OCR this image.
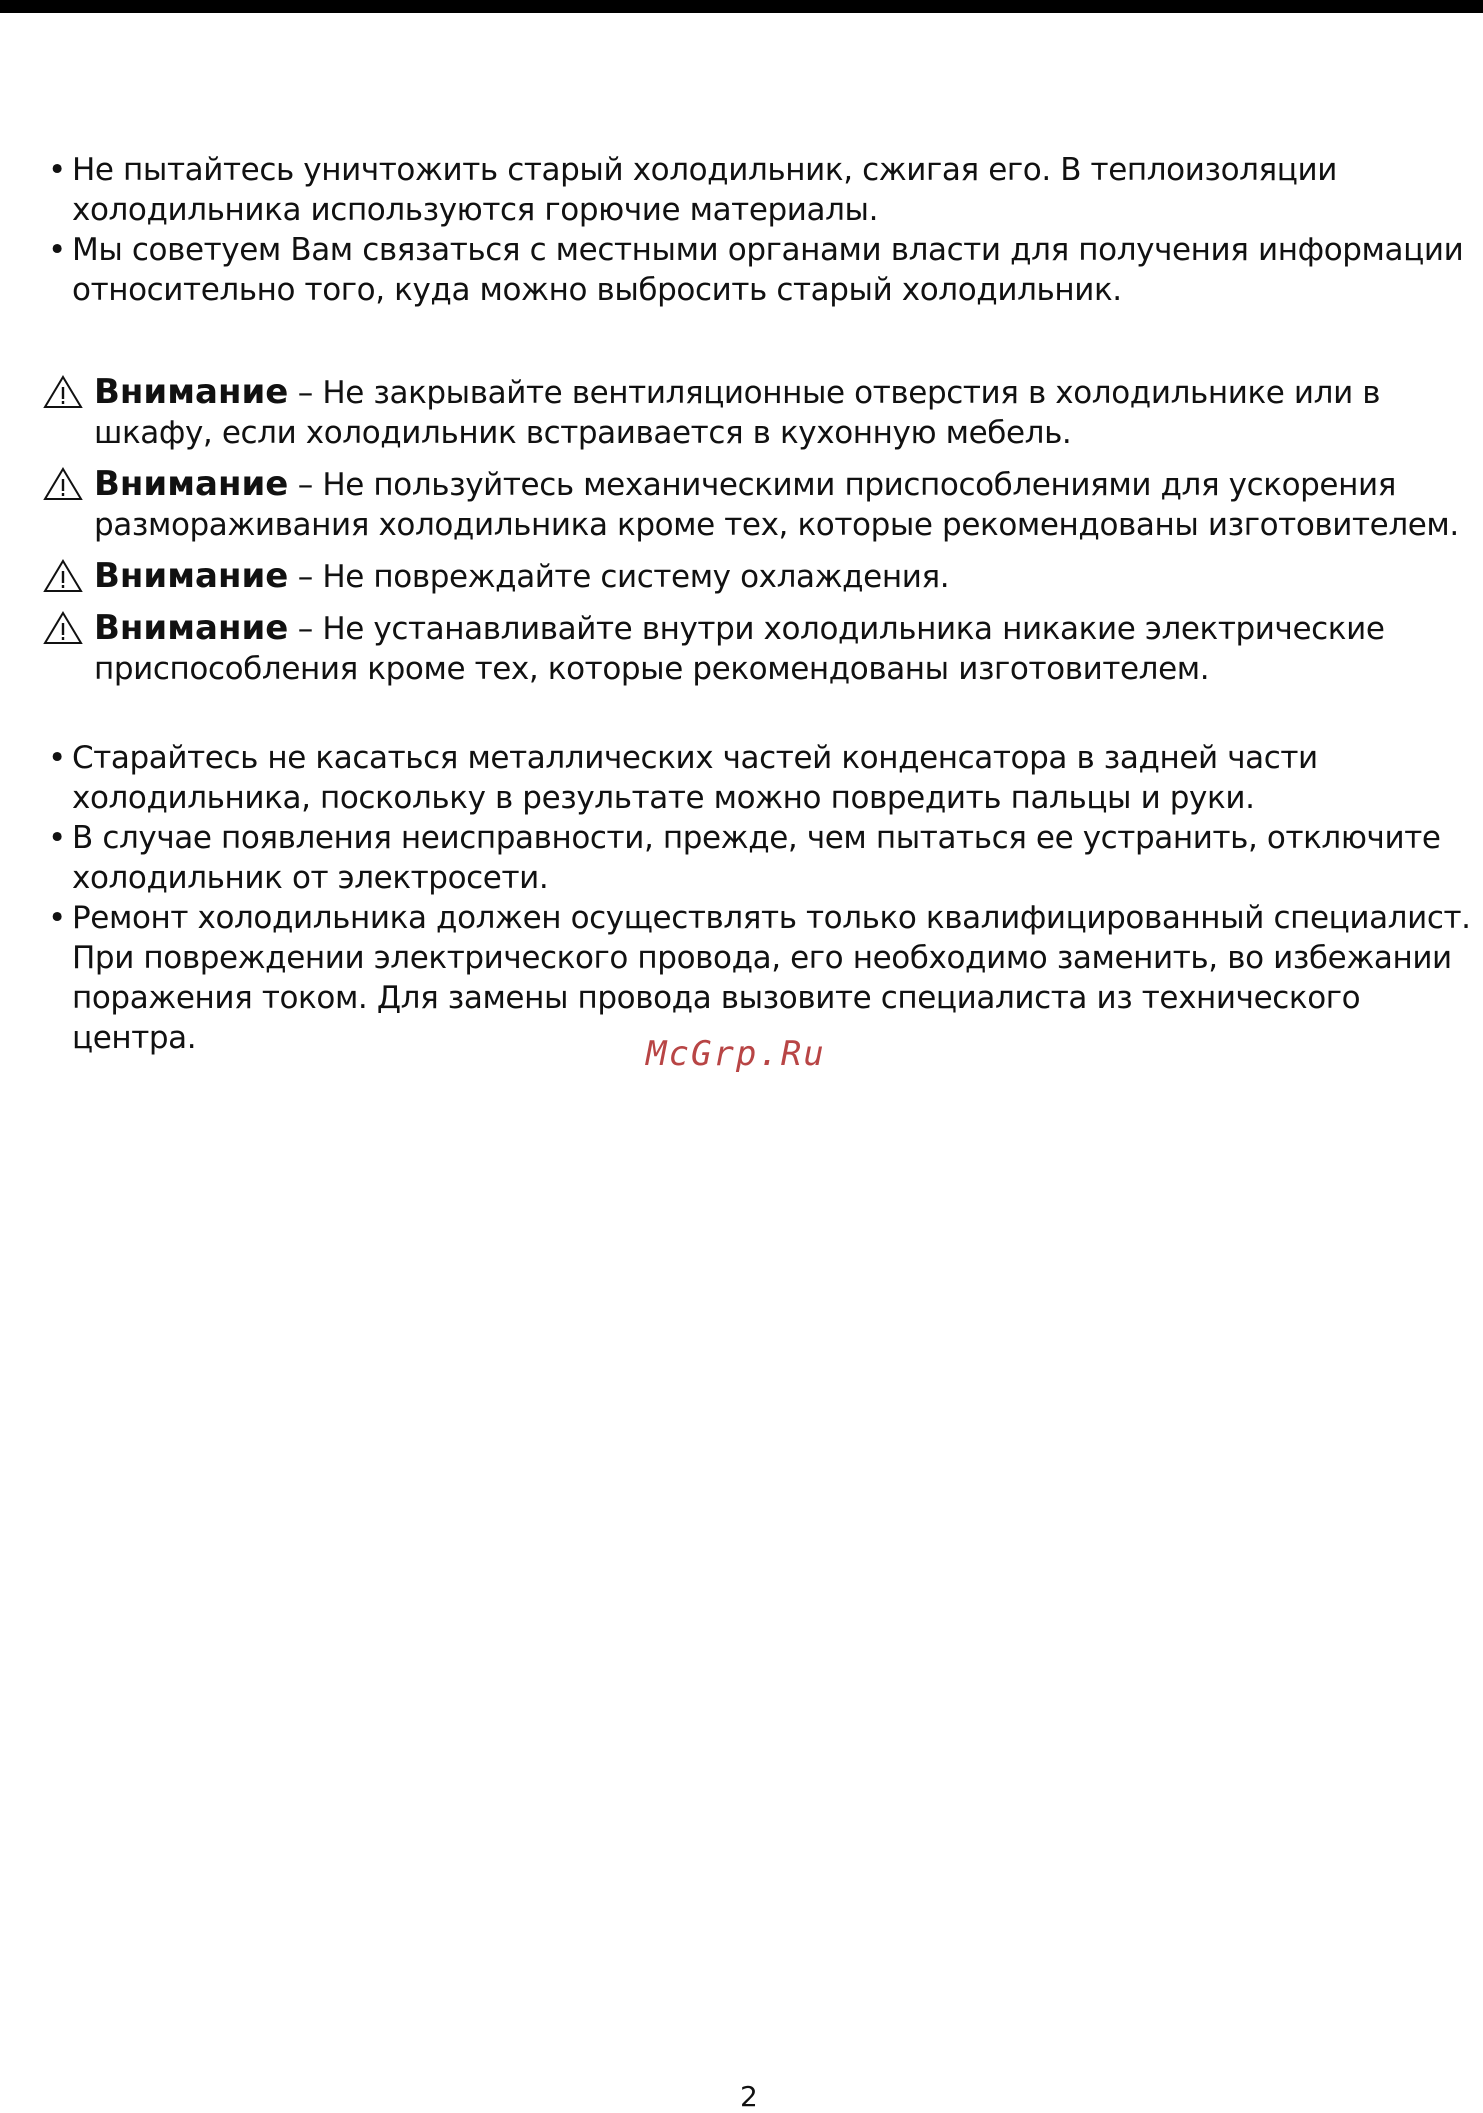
• Не пытайтесь уничтожить старый холодильник, сжигая его. В теплоизоляции холодильника используются горючие материалы.
• Мы советуем Вам связаться с местными органами власти для получения информации относительно того, куда можно выбросить старый холодильник.
Внимание – Не закрывайте вентиляционные отверстия в холодильнике или в шкафу, если холодильник встраивается в кухонную мебель.
Внимание – Не пользуйтесь механическими приспособлениями для ускорения размораживания холодильника кроме тех, которые рекомендованы изготовителем.
Внимание – Не повреждайте систему охлаждения.
Внимание – Не устанавливайте внутри холодильника никакие электрические приспособления кроме тех, которые рекомендованы изготовителем.
• Старайтесь не касаться металлических частей конденсатора в задней части холодильника, поскольку в результате можно повредить пальцы и руки.
• В случае появления неисправности, прежде, чем пытаться ее устранить, отключите холодильник от электросети.
• Ремонт холодильника должен осуществлять только квалифицированный специалист. При повреждении электрического провода, его необходимо заменить, во избежании поражения током. Для замены провода вызовите специалиста из технического центра.	McGrp.Ru
2
